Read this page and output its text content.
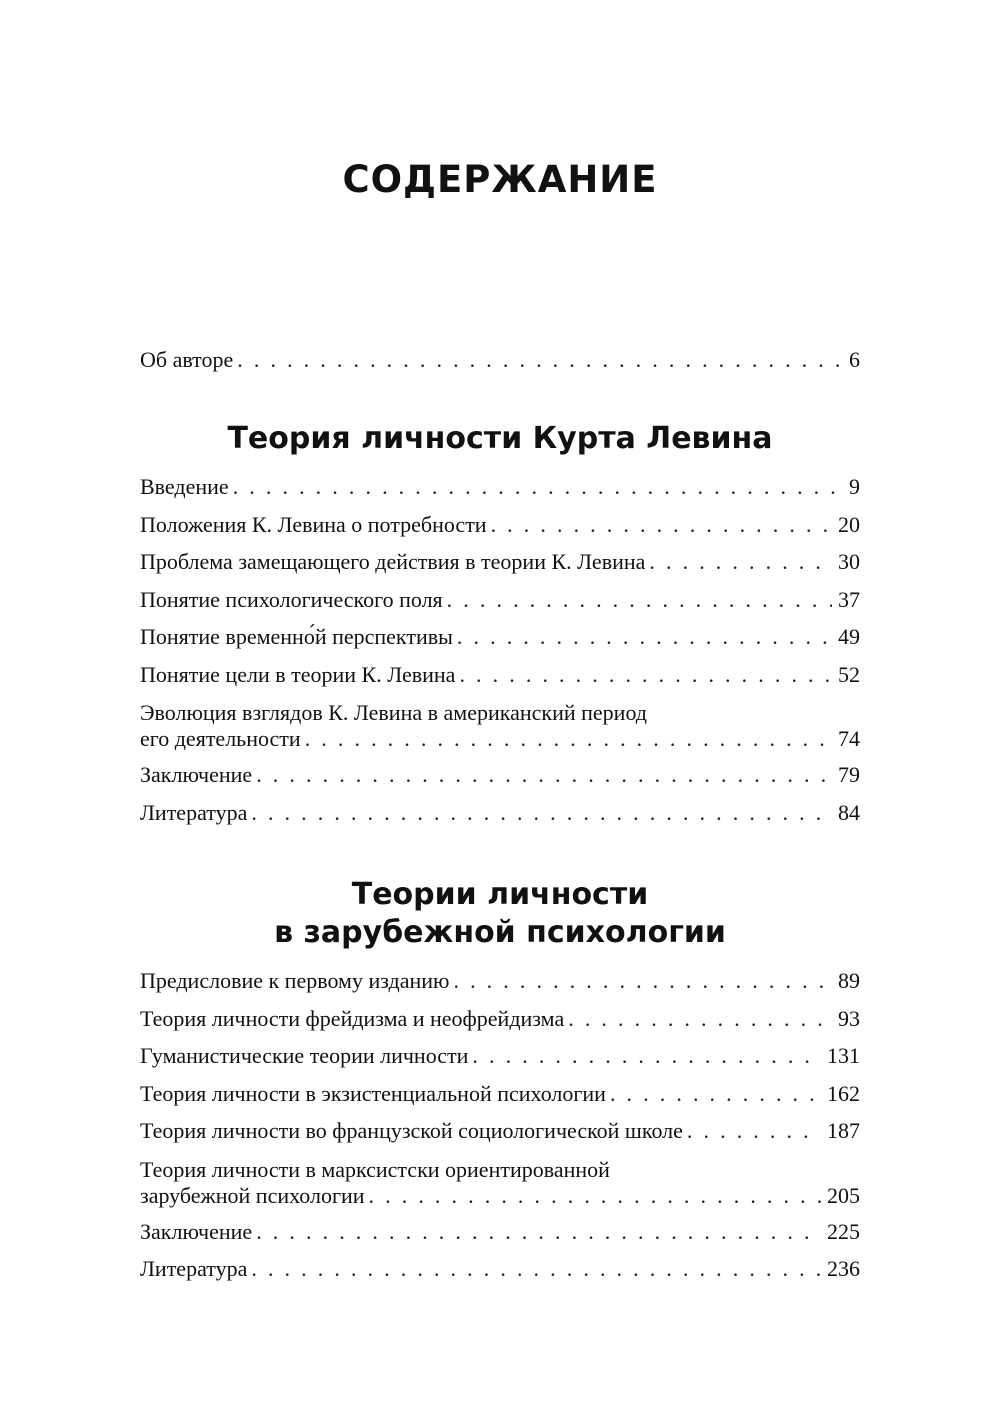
СОДЕРЖАНИЕ
Об авторе . . .	6
Теория личности Курта Левина
Введение . . .	9
Положения К. Левина о потребности . . .	20
Проблема замещающего действия в теории К. Левина . . .	30
Понятие психологического поля . . .	37
Понятие временно́й перспективы . . .	49
Понятие цели в теории К. Левина . . .	52
Эволюция взглядов К. Левина в американский период
его деятельности . . .	74
Заключение . . .	79
Литература . . .	84
Теории личности
в зарубежной психологии
Предисловие к первому изданию . . .	89
Теория личности фрейдизма и неофрейдизма . . .	93
Гуманистические теории личности . . .	131
Теория личности в экзистенциальной психологии . . .	162
Теория личности во французской социологической школе . . .	187
Теория личности в марксистски ориентированной
зарубежной психологии . . .	205
Заключение . . .	225
Литература . . .	236
